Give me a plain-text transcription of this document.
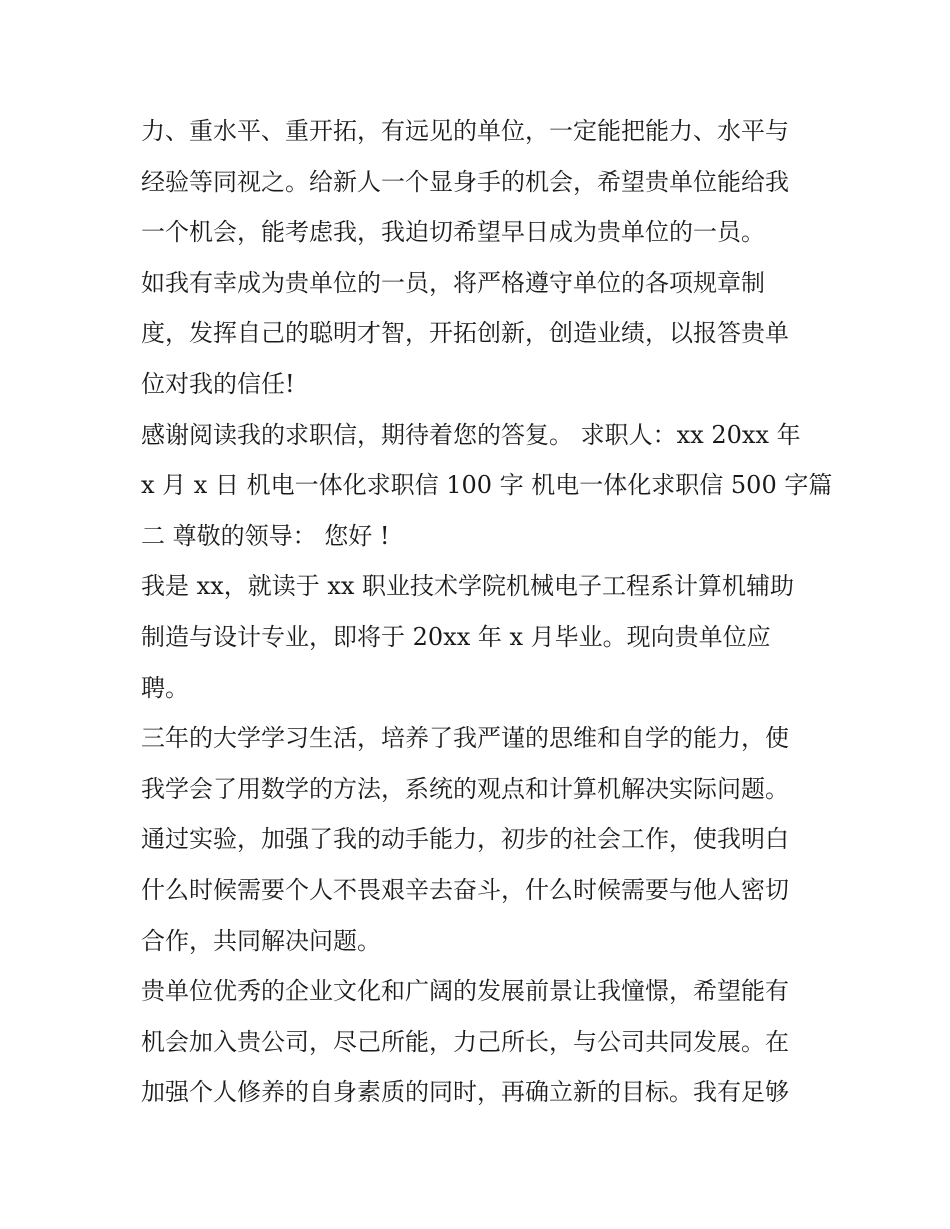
力、重水平、重开拓，有远见的单位，一定能把能力、水平与
经验等同视之。给新人一个显身手的机会，希望贵单位能给我
一个机会，能考虑我，我迫切希望早日成为贵单位的一员。
如我有幸成为贵单位的一员，将严格遵守单位的各项规章制
度，发挥自己的聪明才智，开拓创新，创造业绩，以报答贵单
位对我的信任!
感谢阅读我的求职信，期待着您的答复。 求职人：xx 20xx 年
x 月 x 日 机电一体化求职信 100 字 机电一体化求职信 500 字篇
二 尊敬的领导： 您好 !
我是 xx，就读于 xx 职业技术学院机械电子工程系计算机辅助
制造与设计专业，即将于 20xx 年 x 月毕业。现向贵单位应
聘。
三年的大学学习生活，培养了我严谨的思维和自学的能力，使
我学会了用数学的方法，系统的观点和计算机解决实际问题。
通过实验，加强了我的动手能力，初步的社会工作，使我明白
什么时候需要个人不畏艰辛去奋斗，什么时候需要与他人密切
合作，共同解决问题。
贵单位优秀的企业文化和广阔的发展前景让我憧憬，希望能有
机会加入贵公司，尽己所能，力己所长，与公司共同发展。在
加强个人修养的自身素质的同时，再确立新的目标。我有足够
